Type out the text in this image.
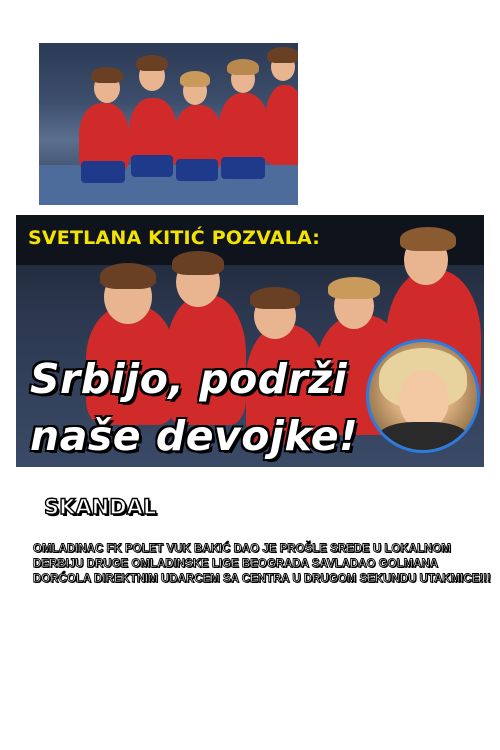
SVETLANA KITIĆ POZVALA:
Srbijo, podrži
naše devojke!
SKANDAL
OMLADINAC FK POLET VUK BAKIĆ DAO JE PROŠLE SREDE U LOKALNOM
DERBIJU DRUGE OMLADINSKE LIGE BEOGRADA SAVLADAO GOLMANA
DORĆOLA DIREKTNIM UDARCEM SA CENTRA U DRUGOM SEKUNDU UTAKMICE!!!
